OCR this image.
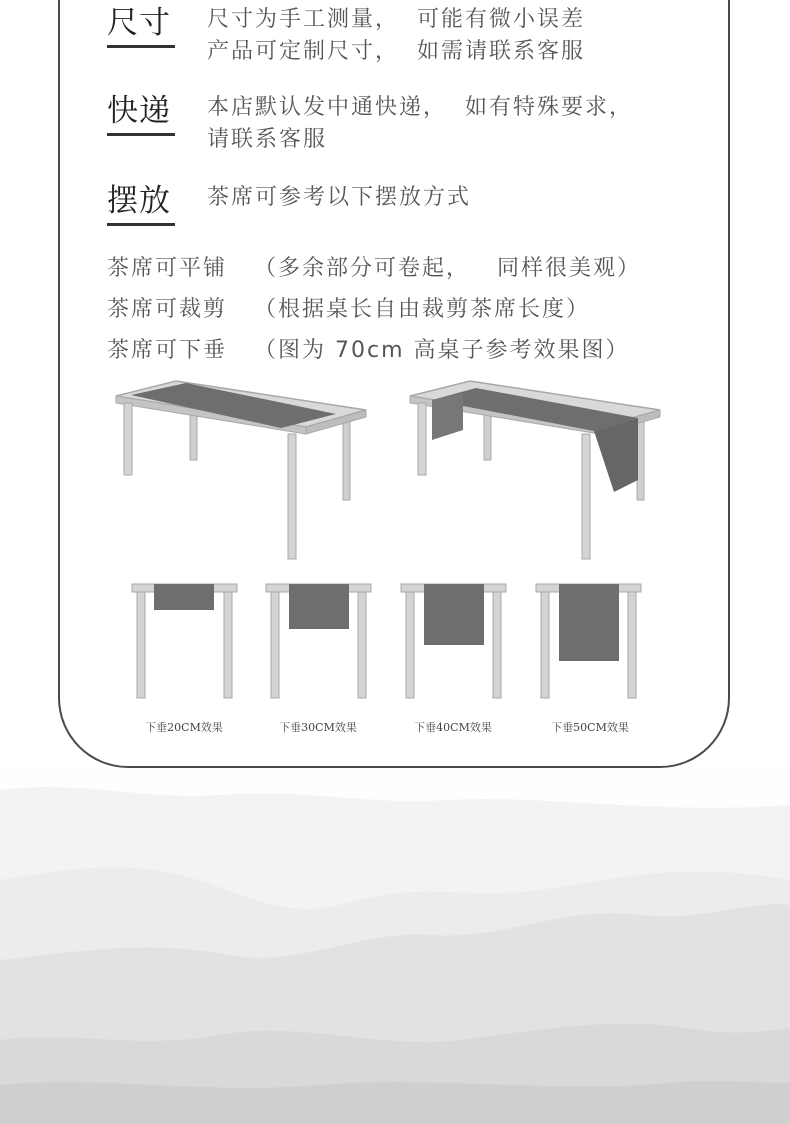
尺寸	尺寸为手工测量，  可能有微小误差
产品可定制尺寸，  如需请联系客服
快递	本店默认发中通快递，  如有特殊要求，
请联系客服
摆放	茶席可参考以下摆放方式
茶席可平铺   （多余部分可卷起，   同样很美观）
茶席可裁剪   （根据桌长自由裁剪茶席长度）
茶席可下垂   （图为 70cm 高桌子参考效果图）
下垂20CM效果	下垂30CM效果	下垂40CM效果	下垂50CM效果
